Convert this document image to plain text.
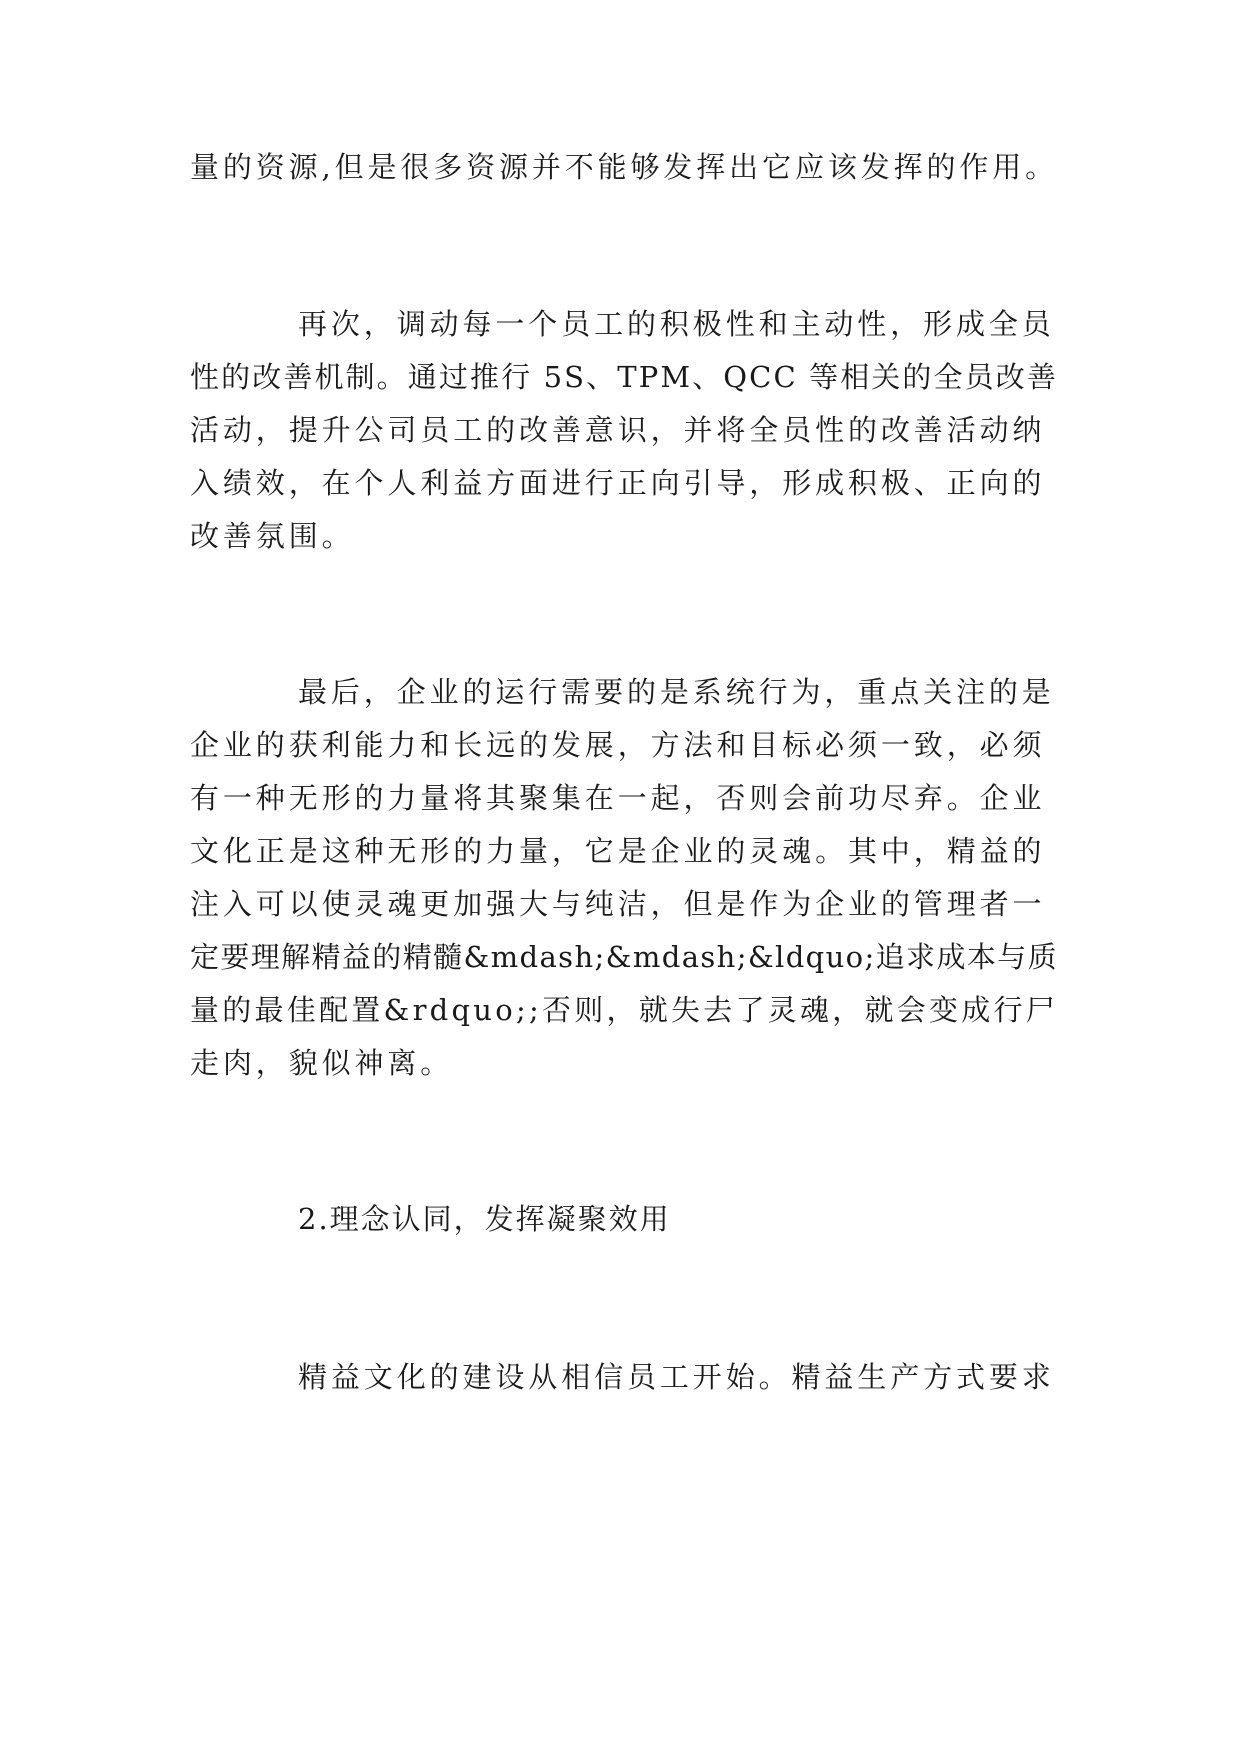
量的资源,但是很多资源并不能够发挥出它应该发挥的作用。

再次，调动每一个员工的积极性和主动性，形成全员

性的改善机制。通过推行 5S、TPM、QCC 等相关的全员改善

活动，提升公司员工的改善意识，并将全员性的改善活动纳

入绩效，在个人利益方面进行正向引导，形成积极、正向的

改善氛围。

最后，企业的运行需要的是系统行为，重点关注的是

企业的获利能力和长远的发展，方法和目标必须一致，必须

有一种无形的力量将其聚集在一起，否则会前功尽弃。企业

文化正是这种无形的力量，它是企业的灵魂。其中，精益的

注入可以使灵魂更加强大与纯洁，但是作为企业的管理者一

定要理解精益的精髓&mdash;&mdash;&ldquo;追求成本与质

量的最佳配置&rdquo;;否则，就失去了灵魂，就会变成行尸

走肉，貌似神离。

2.理念认同，发挥凝聚效用

精益文化的建设从相信员工开始。精益生产方式要求
